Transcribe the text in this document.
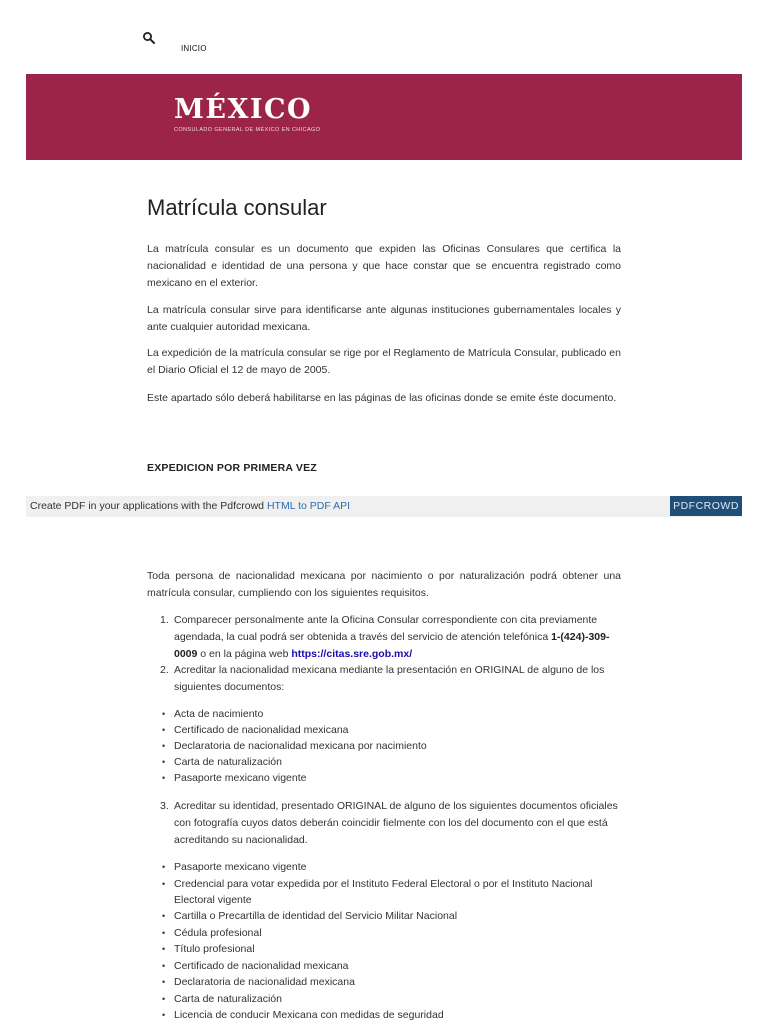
INICIO
MÉXICO
CONSULADO GENERAL DE MÉXICO EN CHICAGO
Matrícula consular

La matrícula consular es un documento que expiden las Oficinas Consulares que certifica la nacionalidad e identidad de una persona y que hace constar que se encuentra registrado como mexicano en el exterior.

La matrícula consular sirve para identificarse ante algunas instituciones gubernamentales locales y ante cualquier autoridad mexicana.

La expedición de la matrícula consular se rige por el Reglamento de Matrícula Consular, publicado en el Diario Oficial el 12 de mayo de 2005.

Este apartado sólo deberá habilitarse en las páginas de las oficinas donde se emite éste documento.

EXPEDICION POR PRIMERA VEZ
Create PDF in your applications with the Pdfcrowd HTML to PDF API	PDFCROWD

Toda persona de nacionalidad mexicana por nacimiento o por naturalización podrá obtener una matrícula consular, cumpliendo con los siguientes requisitos.

1. Comparecer personalmente ante la Oficina Consular correspondiente con cita previamente agendada, la cual podrá ser obtenida a través del servicio de atención telefónica 1-(424)-309-0009 o en la página web https://citas.sre.gob.mx/
2. Acreditar la nacionalidad mexicana mediante la presentación en ORIGINAL de alguno de los siguientes documentos:
• Acta de nacimiento
• Certificado de nacionalidad mexicana
• Declaratoria de nacionalidad mexicana por nacimiento
• Carta de naturalización
• Pasaporte mexicano vigente
3. Acreditar su identidad, presentado ORIGINAL de alguno de los siguientes documentos oficiales con fotografía cuyos datos deberán coincidir fielmente con los del documento con el que está acreditando su nacionalidad.
• Pasaporte mexicano vigente
• Credencial para votar expedida por el Instituto Federal Electoral o por el Instituto Nacional Electoral vigente
• Cartilla o Precartilla de identidad del Servicio Militar Nacional
• Cédula profesional
• Título profesional
• Certificado de nacionalidad mexicana
• Declaratoria de nacionalidad mexicana
• Carta de naturalización
• Licencia de conducir Mexicana con medidas de seguridad
